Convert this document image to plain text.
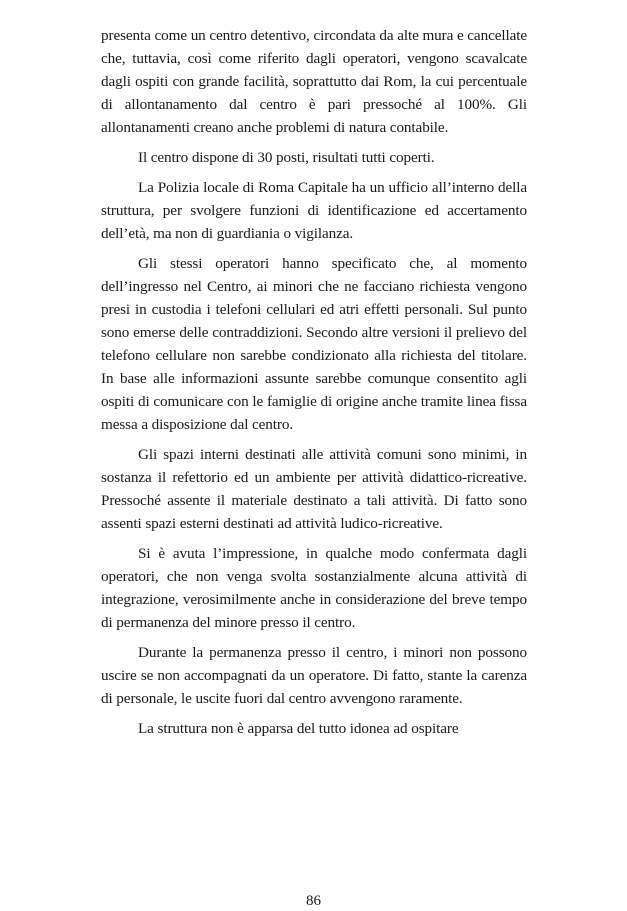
presenta come un centro detentivo, circondata da alte mura e cancellate che, tuttavia, così come riferito dagli operatori, vengono scavalcate dagli ospiti con grande facilità, soprattutto dai Rom, la cui percentuale di allontanamento dal centro è pari pressoché al 100%. Gli allontanamenti creano anche problemi di natura contabile.

Il centro dispone di 30 posti, risultati tutti coperti.

La Polizia locale di Roma Capitale ha un ufficio all’interno della struttura, per svolgere funzioni di identificazione ed accertamento dell’età, ma non di guardiania o vigilanza.

Gli stessi operatori hanno specificato che, al momento dell’ingresso nel Centro, ai minori che ne facciano richiesta vengono presi in custodia i telefoni cellulari ed atri effetti personali. Sul punto sono emerse delle contraddizioni. Secondo altre versioni il prelievo del telefono cellulare non sarebbe condizionato alla richiesta del titolare. In base alle informazioni assunte sarebbe comunque consentito agli ospiti di comunicare con le famiglie di origine anche tramite linea fissa messa a disposizione dal centro.

Gli spazi interni destinati alle attività comuni sono minimi, in sostanza il refettorio ed un ambiente per attività didattico-ricreative. Pressoché assente il materiale destinato a tali attività. Di fatto sono assenti spazi esterni destinati ad attività ludico-ricreative.

Si è avuta l’impressione, in qualche modo confermata dagli operatori, che non venga svolta sostanzialmente alcuna attività di integrazione, verosimilmente anche in considerazione del breve tempo di permanenza del minore presso il centro.

Durante la permanenza presso il centro, i minori non possono uscire se non accompagnati da un operatore. Di fatto, stante la carenza di personale, le uscite fuori dal centro avvengono raramente.

La struttura non è apparsa del tutto idonea ad ospitare

86
